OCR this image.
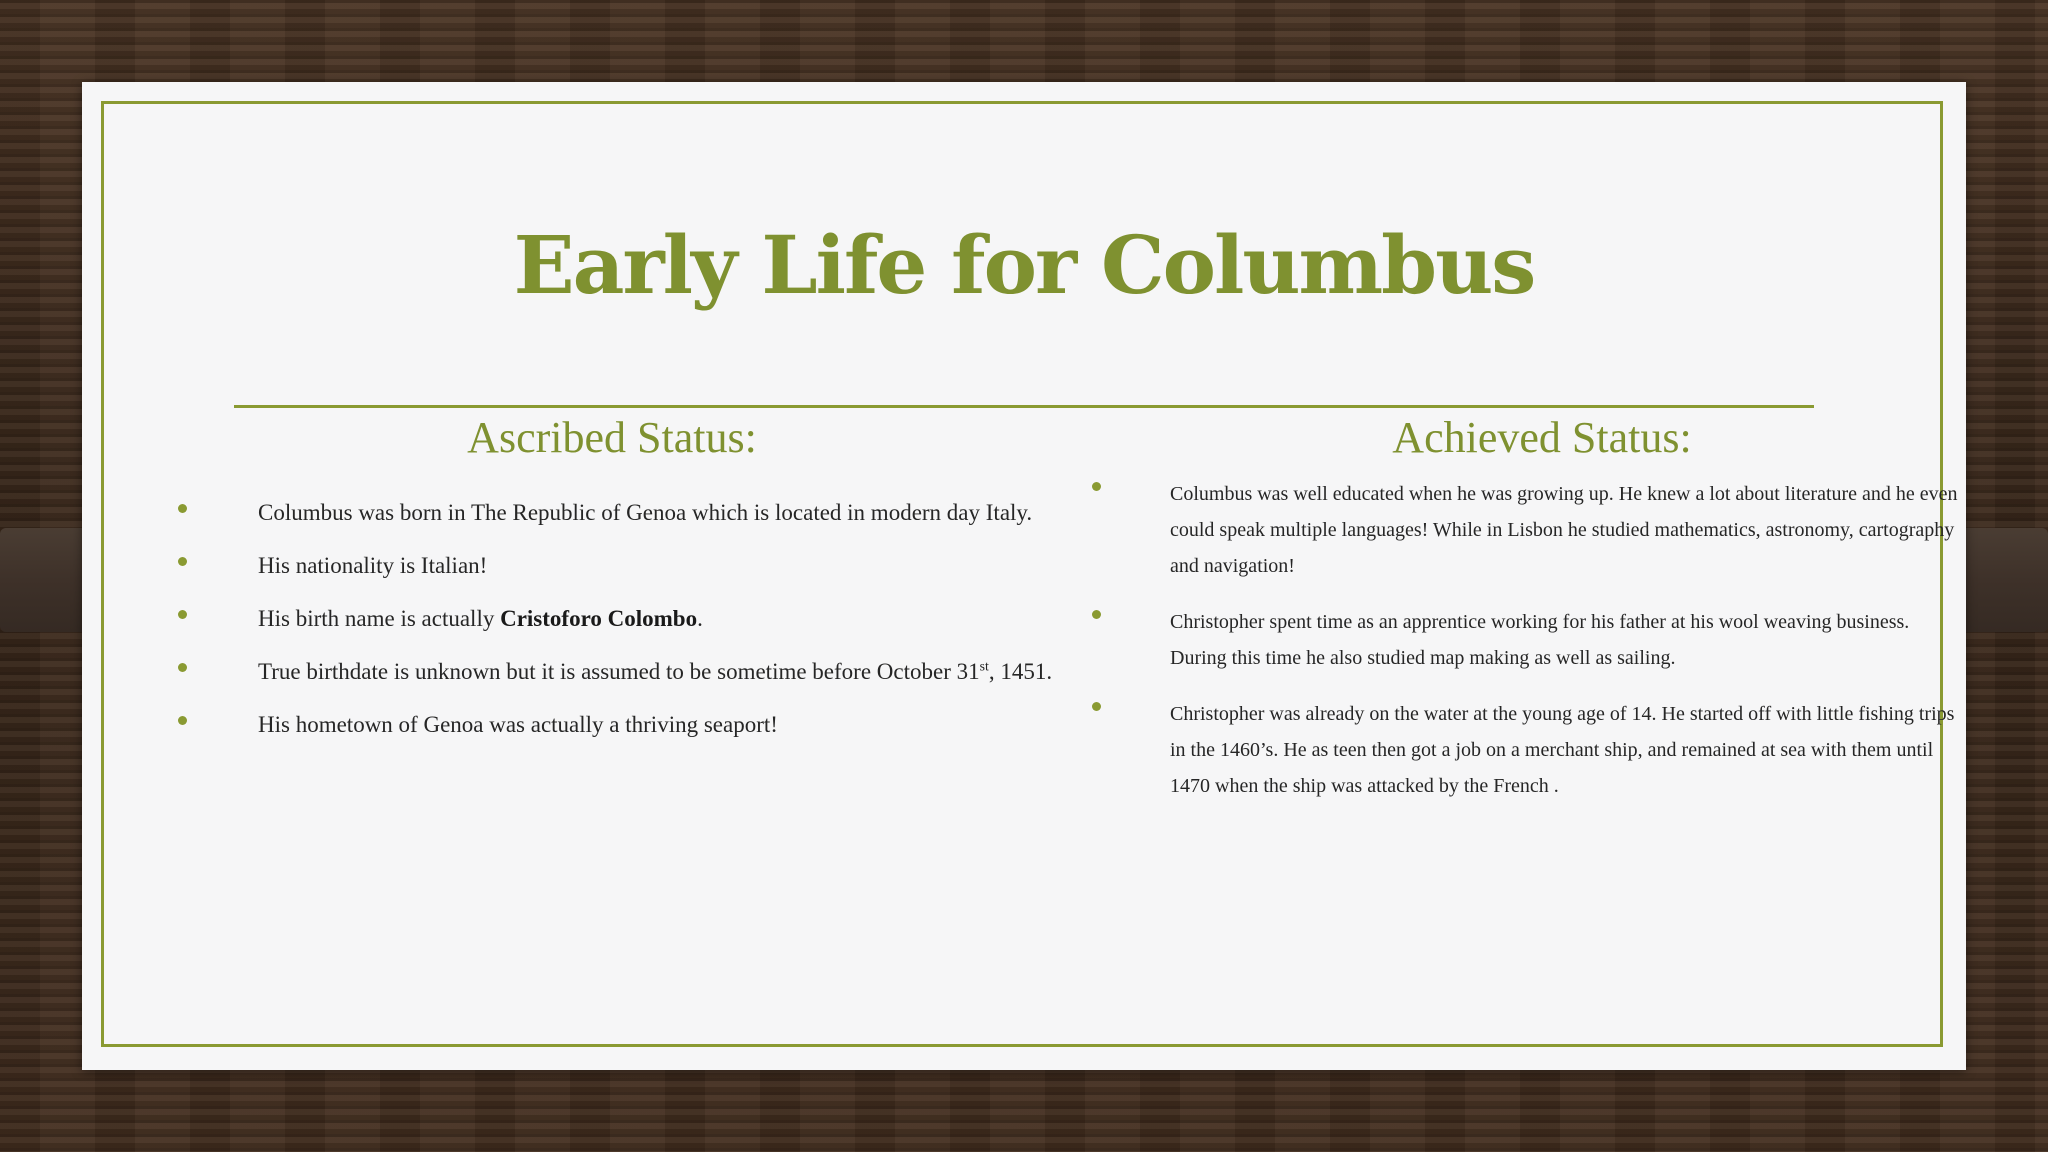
Early Life for Columbus
Ascribed Status:	Achieved Status:
Columbus was born in The Republic of Genoa which is located in modern day Italy.
His nationality is Italian!
His birth name is actually Cristoforo Colombo.
True birthdate is unknown but it is assumed to be sometime before October 31st, 1451.
His hometown of Genoa was actually a thriving seaport!
Columbus was well educated when he was growing up. He knew a lot about literature and he even could speak multiple languages! While in Lisbon he studied mathematics, astronomy, cartography and navigation!
Christopher spent time as an apprentice working for his father at his wool weaving business. During this time he also studied map making as well as sailing.
Christopher was already on the water at the young age of 14. He started off with little fishing trips in the 1460’s. He as teen then got a job on a merchant ship, and remained at sea with them until 1470 when the ship was attacked by the French .
